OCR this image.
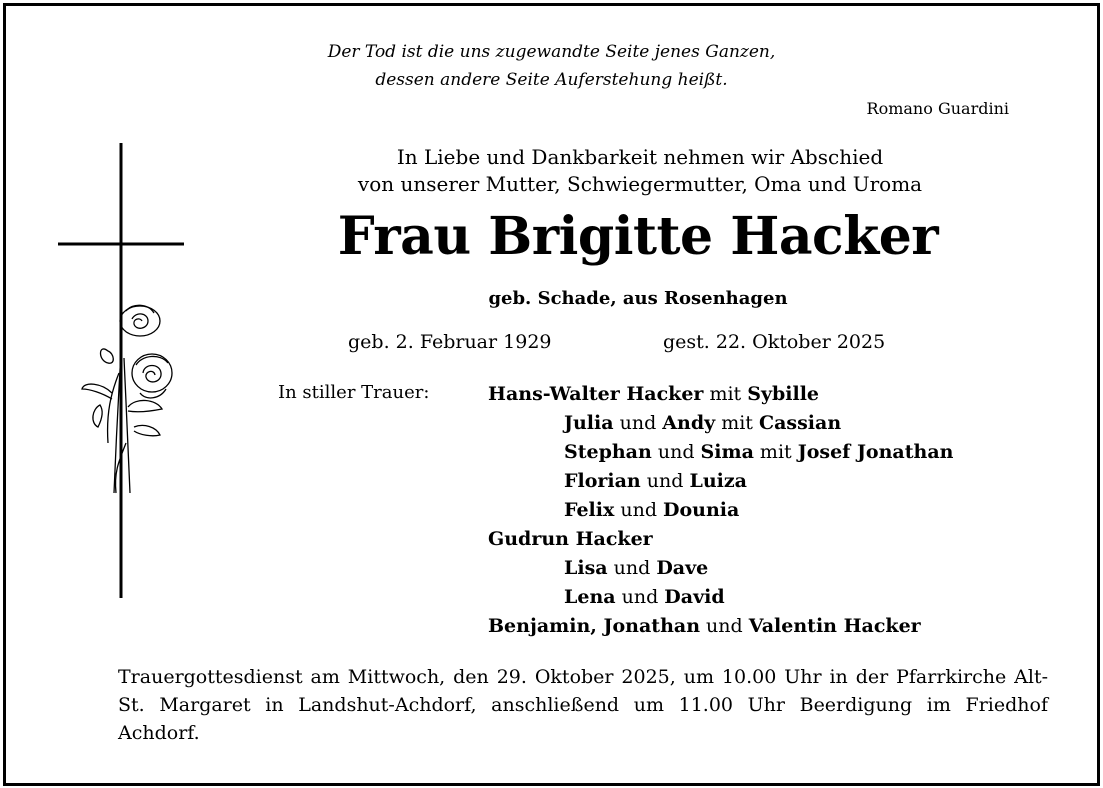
Der Tod ist die uns zugewandte Seite jenes Ganzen,
dessen andere Seite Auferstehung heißt.
Romano Guardini
In Liebe und Dankbarkeit nehmen wir Abschied
von unserer Mutter, Schwiegermutter, Oma und Uroma
Frau Brigitte Hacker
geb. Schade, aus Rosenhagen
geb. 2. Februar 1929	gest. 22. Oktober 2025
In stiller Trauer:	Hans-Walter Hacker mit Sybille
Julia und Andy mit Cassian
Stephan und Sima mit Josef Jonathan
Florian und Luiza
Felix und Dounia
Gudrun Hacker
Lisa und Dave
Lena und David
Benjamin, Jonathan und Valentin Hacker
Trauergottesdienst am Mittwoch, den 29. Oktober 2025, um 10.00 Uhr in der Pfarrkirche Alt-St. Margaret in Landshut-Achdorf, anschließend um 11.00 Uhr Beerdigung im Friedhof Achdorf.
